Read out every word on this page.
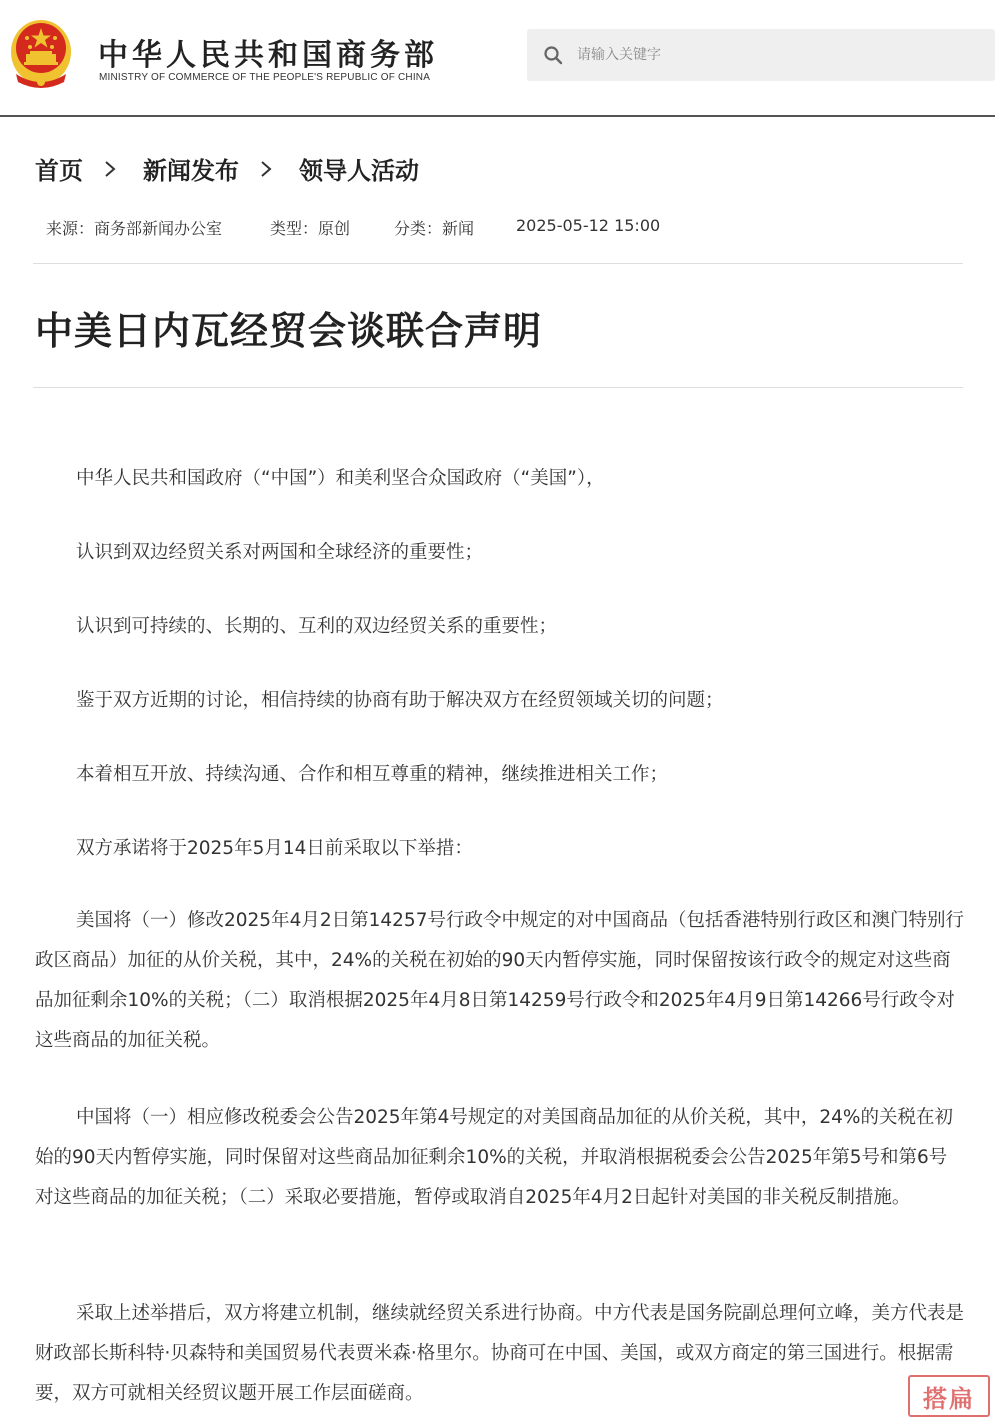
中华人民共和国商务部
MINISTRY OF COMMERCE OF THE PEOPLE'S REPUBLIC OF CHINA
请输入关键字
首页	新闻发布	领导人活动
来源：商务部新闻办公室	类型：原创	分类：新闻	2025-05-12 15:00
中美日内瓦经贸会谈联合声明

中华人民共和国政府（“中国”）和美利坚合众国政府（“美国”），

认识到双边经贸关系对两国和全球经济的重要性；

认识到可持续的、长期的、互利的双边经贸关系的重要性；

鉴于双方近期的讨论，相信持续的协商有助于解决双方在经贸领域关切的问题；

本着相互开放、持续沟通、合作和相互尊重的精神，继续推进相关工作；

双方承诺将于2025年5月14日前采取以下举措：

美国将（一）修改2025年4月2日第14257号行政令中规定的对中国商品（包括香港特别行政区和澳门特别行政区商品）加征的从价关税，其中，24%的关税在初始的90天内暂停实施，同时保留按该行政令的规定对这些商品加征剩余10%的关税；（二）取消根据2025年4月8日第14259号行政令和2025年4月9日第14266号行政令对这些商品的加征关税。

中国将（一）相应修改税委会公告2025年第4号规定的对美国商品加征的从价关税，其中，24%的关税在初始的90天内暂停实施，同时保留对这些商品加征剩余10%的关税，并取消根据税委会公告2025年第5号和第6号对这些商品的加征关税；（二）采取必要措施，暂停或取消自2025年4月2日起针对美国的非关税反制措施。

采取上述举措后，双方将建立机制，继续就经贸关系进行协商。中方代表是国务院副总理何立峰，美方代表是财政部长斯科特·贝森特和美国贸易代表贾米森·格里尔。协商可在中国、美国，或双方商定的第三国进行。根据需要，双方可就相关经贸议题开展工作层面磋商。	搭扁
